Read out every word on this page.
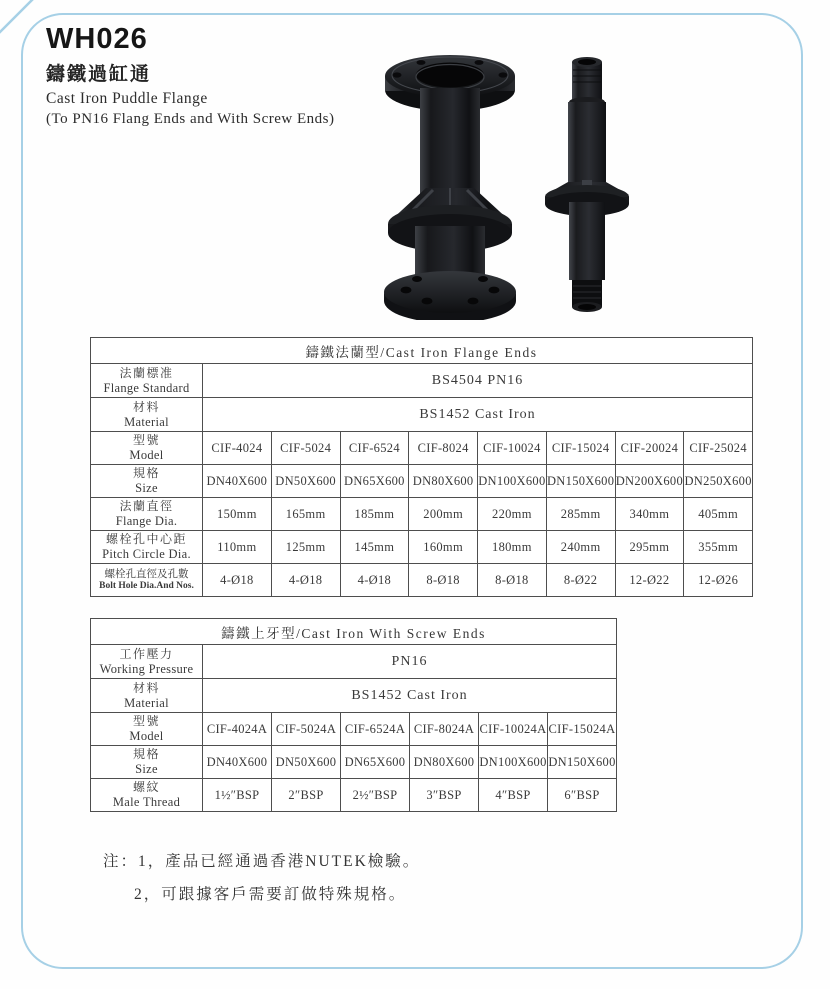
WH026
鑄鐵過缸通
Cast Iron Puddle Flange
(To PN16 Flang Ends and With Screw Ends)
鑄鐵法蘭型/Cast Iron Flange Ends								

法蘭標准
Flange Standard	BS4504 PN16							

材料
Material	BS1452 Cast Iron							

型號
Model	CIF-4024	CIF-5024	CIF-6524	CIF-8024	CIF-10024	CIF-15024	CIF-20024	CIF-25024

規格
Size	DN40X600	DN50X600	DN65X600	DN80X600	DN100X600	DN150X600	DN200X600	DN250X600

法蘭直徑
Flange Dia.	150mm	165mm	185mm	200mm	220mm	285mm	340mm	405mm

螺栓孔中心距
Pitch Circle Dia.	110mm	125mm	145mm	160mm	180mm	240mm	295mm	355mm

螺栓孔直徑及孔數
Bolt Hole Dia.And Nos.	4-Ø18	4-Ø18	4-Ø18	8-Ø18	8-Ø18	8-Ø22	12-Ø22	12-Ø26
鑄鐵上牙型/Cast Iron With Screw Ends						

工作壓力
Working Pressure	PN16					

材料
Material	BS1452 Cast Iron					

型號
Model	CIF-4024A	CIF-5024A	CIF-6524A	CIF-8024A	CIF-10024A	CIF-15024A

規格
Size	DN40X600	DN50X600	DN65X600	DN80X600	DN100X600	DN150X600

螺紋
Male Thread	1½″BSP	2″BSP	2½″BSP	3″BSP	4″BSP	6″BSP
注：1，產品已經通過香港NUTEK檢驗。
2，可跟據客戶需要訂做特殊規格。
